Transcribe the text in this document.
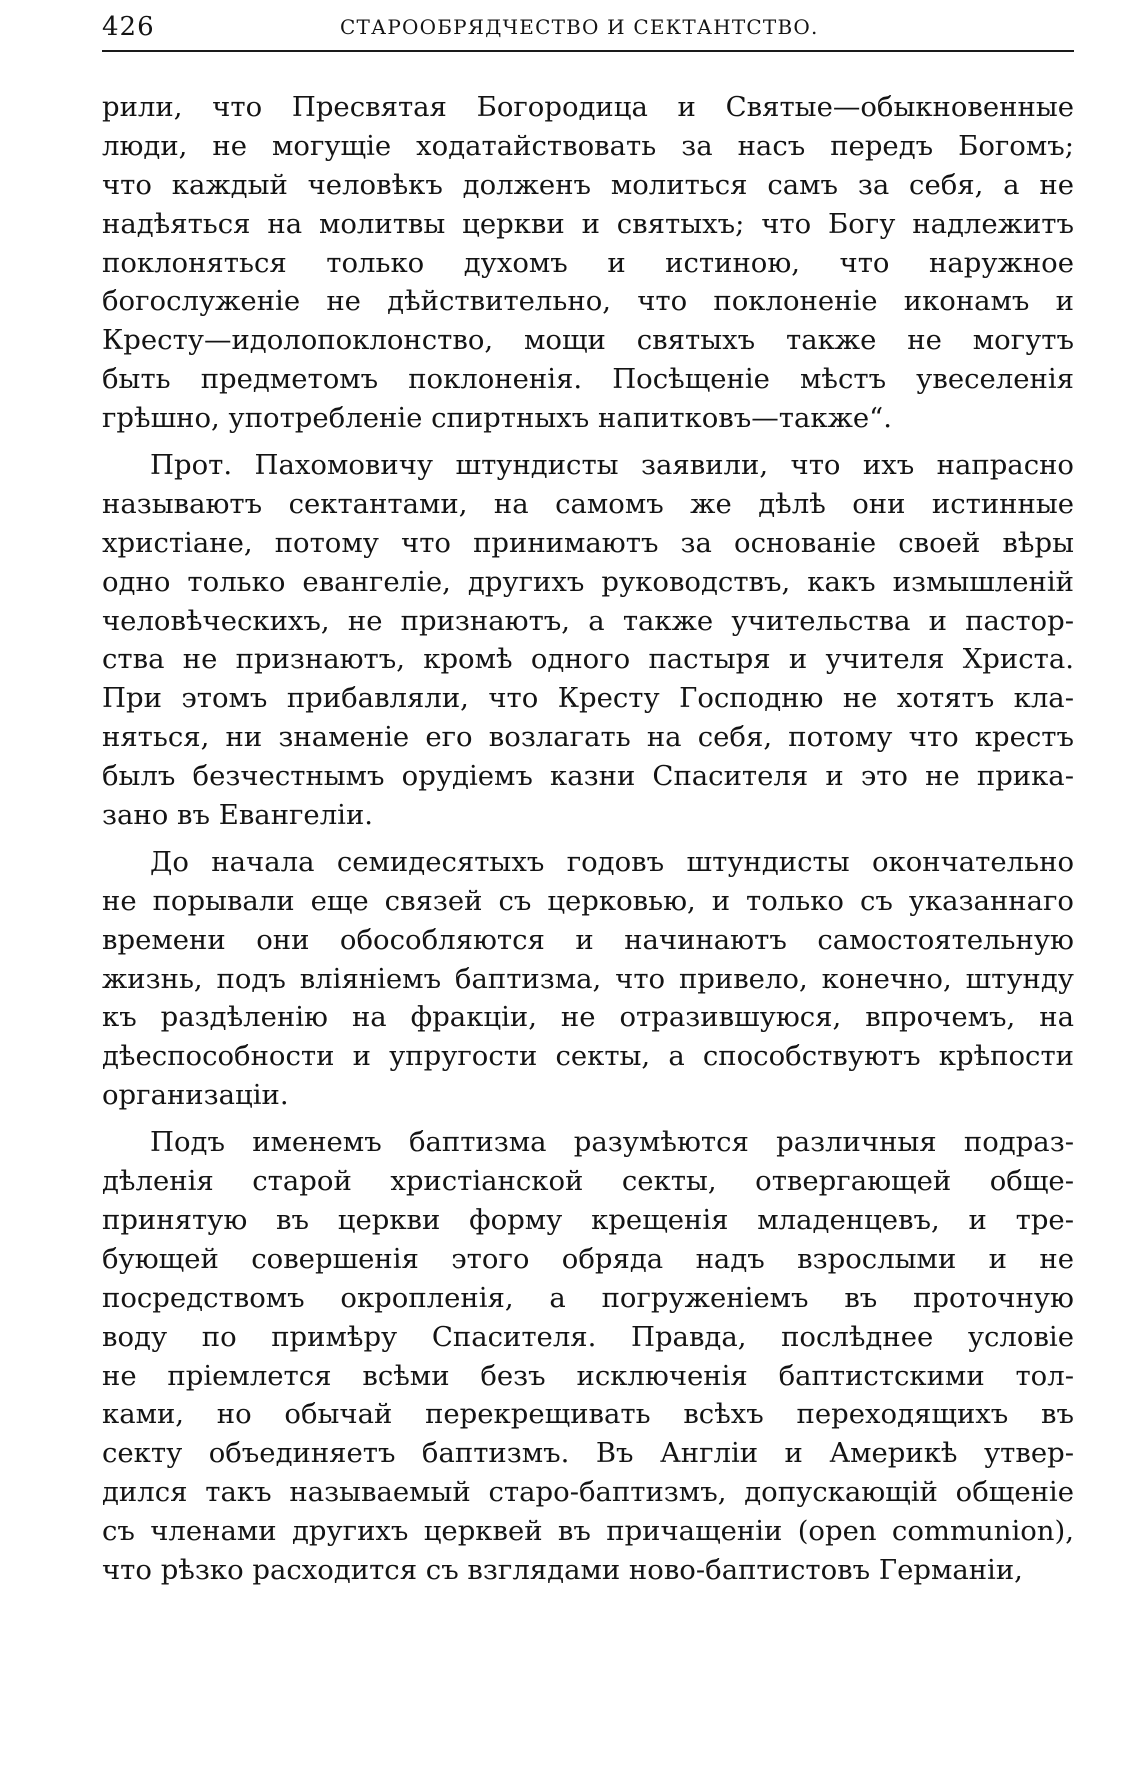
426	СТАРООБРЯДЧЕСТВО И СЕКТАНТСТВО.
рили, что Пресвятая Богородица и Святые—обыкновенные
люди, не могущіе ходатайствовать за насъ передъ Богомъ;
что каждый человѣкъ долженъ молиться самъ за себя, а не
надѣяться на молитвы церкви и святыхъ; что Богу надлежитъ
поклоняться только духомъ и истиною, что наружное
богослуженіе не дѣйствительно, что поклоненіе иконамъ и
Кресту—идолопоклонство, мощи святыхъ также не могутъ
быть предметомъ поклоненія. Посѣщеніе мѣстъ увеселенія
грѣшно, употребленіе спиртныхъ напитковъ—также“.
Прот. Пахомовичу штундисты заявили, что ихъ напрасно
называютъ сектантами, на самомъ же дѣлѣ они истинные
христіане, потому что принимаютъ за основаніе своей вѣры
одно только евангеліе, другихъ руководствъ, какъ измышленій
человѣческихъ, не признаютъ, а также учительства и пастор-
ства не признаютъ, кромѣ одного пастыря и учителя Христа.
При этомъ прибавляли, что Кресту Господню не хотятъ кла-
няться, ни знаменіе его возлагать на себя, потому что крестъ
былъ безчестнымъ орудіемъ казни Спасителя и это не прика-
зано въ Евангеліи.
До начала семидесятыхъ годовъ штундисты окончательно
не порывали еще связей съ церковью, и только съ указаннаго
времени они обособляются и начинаютъ самостоятельную
жизнь, подъ вліяніемъ баптизма, что привело, конечно, штунду
къ раздѣленію на фракціи, не отразившуюся, впрочемъ, на
дѣеспособности и упругости секты, а способствуютъ крѣпости
организаціи.
Подъ именемъ баптизма разумѣются различныя подраз-
дѣленія старой христіанской секты, отвергающей обще-
принятую въ церкви форму крещенія младенцевъ, и тре-
бующей совершенія этого обряда надъ взрослыми и не
посредствомъ окропленія, а погруженіемъ въ проточную
воду по примѣру Спасителя. Правда, послѣднее условіе
не пріемлется всѣми безъ исключенія баптистскими тол-
ками, но обычай перекрещивать всѣхъ переходящихъ въ
секту объединяетъ баптизмъ. Въ Англіи и Америкѣ утвер-
дился такъ называемый старо-баптизмъ, допускающій общеніе
съ членами другихъ церквей въ причащеніи (open communion),
что рѣзко расходится съ взглядами ново-баптистовъ Германіи,
